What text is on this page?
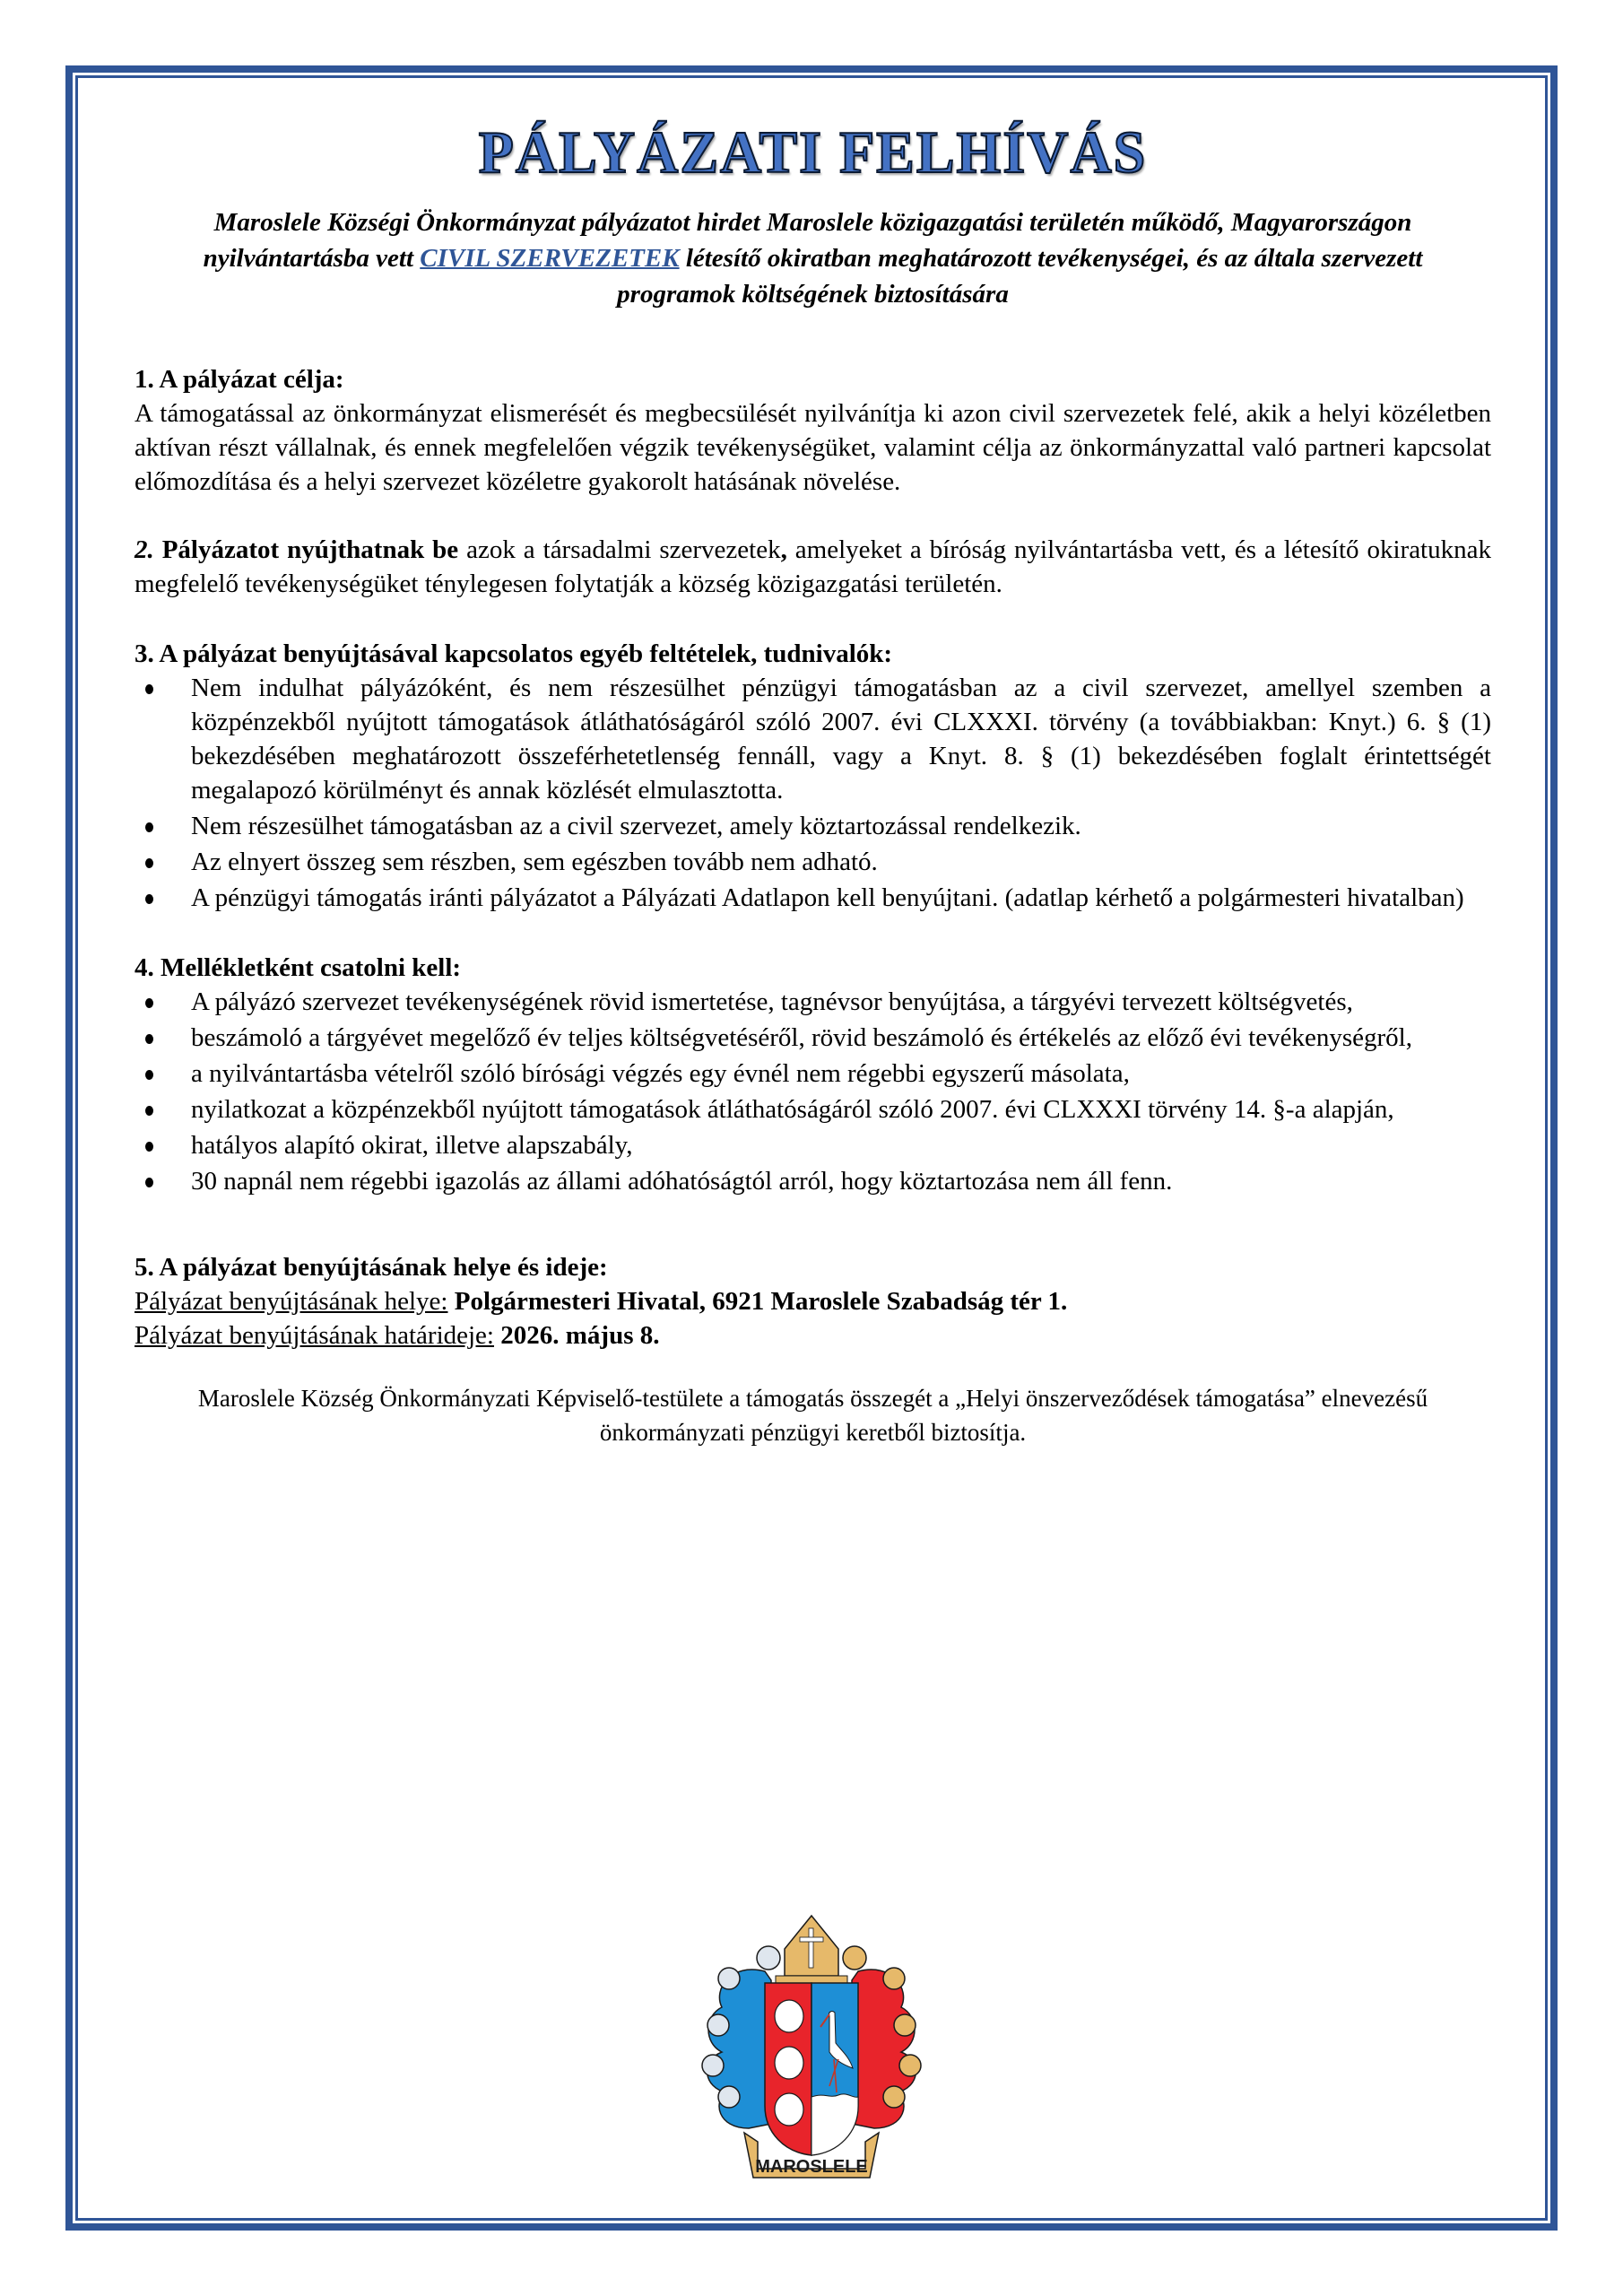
PÁLYÁZATI FELHÍVÁS

Maroslele Községi Önkormányzat pályázatot hirdet Maroslele közigazgatási területén működő, Magyarországon nyilvántartásba vett CIVIL SZERVEZETEK létesítő okiratban meghatározott tevékenységei, és az általa szervezett programok költségének biztosítására

1. A pályázat célja:

A támogatással az önkormányzat elismerését és megbecsülését nyilvánítja ki azon civil szervezetek felé, akik a helyi közéletben aktívan részt vállalnak, és ennek megfelelően végzik tevékenységüket, valamint célja az önkormányzattal való partneri kapcsolat előmozdítása és a helyi szervezet közéletre gyakorolt hatásának növelése.

2. Pályázatot nyújthatnak be azok a társadalmi szervezetek, amelyeket a bíróság nyilvántartásba vett, és a létesítő okiratuknak megfelelő tevékenységüket ténylegesen folytatják a község közigazgatási területén.

3. A pályázat benyújtásával kapcsolatos egyéb feltételek, tudnivalók:
Nem indulhat pályázóként, és nem részesülhet pénzügyi támogatásban az a civil szervezet, amellyel szemben a közpénzekből nyújtott támogatások átláthatóságáról szóló 2007. évi CLXXXI. törvény (a továbbiakban: Knyt.) 6. § (1) bekezdésében meghatározott összeférhetetlenség fennáll, vagy a Knyt. 8. § (1) bekezdésében foglalt érintettségét megalapozó körülményt és annak közlését elmulasztotta.
Nem részesülhet támogatásban az a civil szervezet, amely köztartozással rendelkezik.
Az elnyert összeg sem részben, sem egészben tovább nem adható.
A pénzügyi támogatás iránti pályázatot a Pályázati Adatlapon kell benyújtani. (adatlap kérhető a polgármesteri hivatalban)
4. Mellékletként csatolni kell:
A pályázó szervezet tevékenységének rövid ismertetése, tagnévsor benyújtása, a tárgyévi tervezett költségvetés,
beszámoló a tárgyévet megelőző év teljes költségvetéséről, rövid beszámoló és értékelés az előző évi tevékenységről,
a nyilvántartásba vételről szóló bírósági végzés egy évnél nem régebbi egyszerű másolata,
nyilatkozat a közpénzekből nyújtott támogatások átláthatóságáról szóló 2007. évi CLXXXI törvény 14. §-a alapján,
hatályos alapító okirat, illetve alapszabály,
30 napnál nem régebbi igazolás az állami adóhatóságtól arról, hogy köztartozása nem áll fenn.
5. A pályázat benyújtásának helye és ideje:

Pályázat benyújtásának helye: Polgármesteri Hivatal, 6921 Maroslele Szabadság tér 1.

Pályázat benyújtásának határideje: 2026. május 8.

Maroslele Község Önkormányzati Képviselő-testülete a támogatás összegét a „Helyi önszerveződések támogatása” elnevezésű önkormányzati pénzügyi keretből biztosítja.

MAROSLELE
